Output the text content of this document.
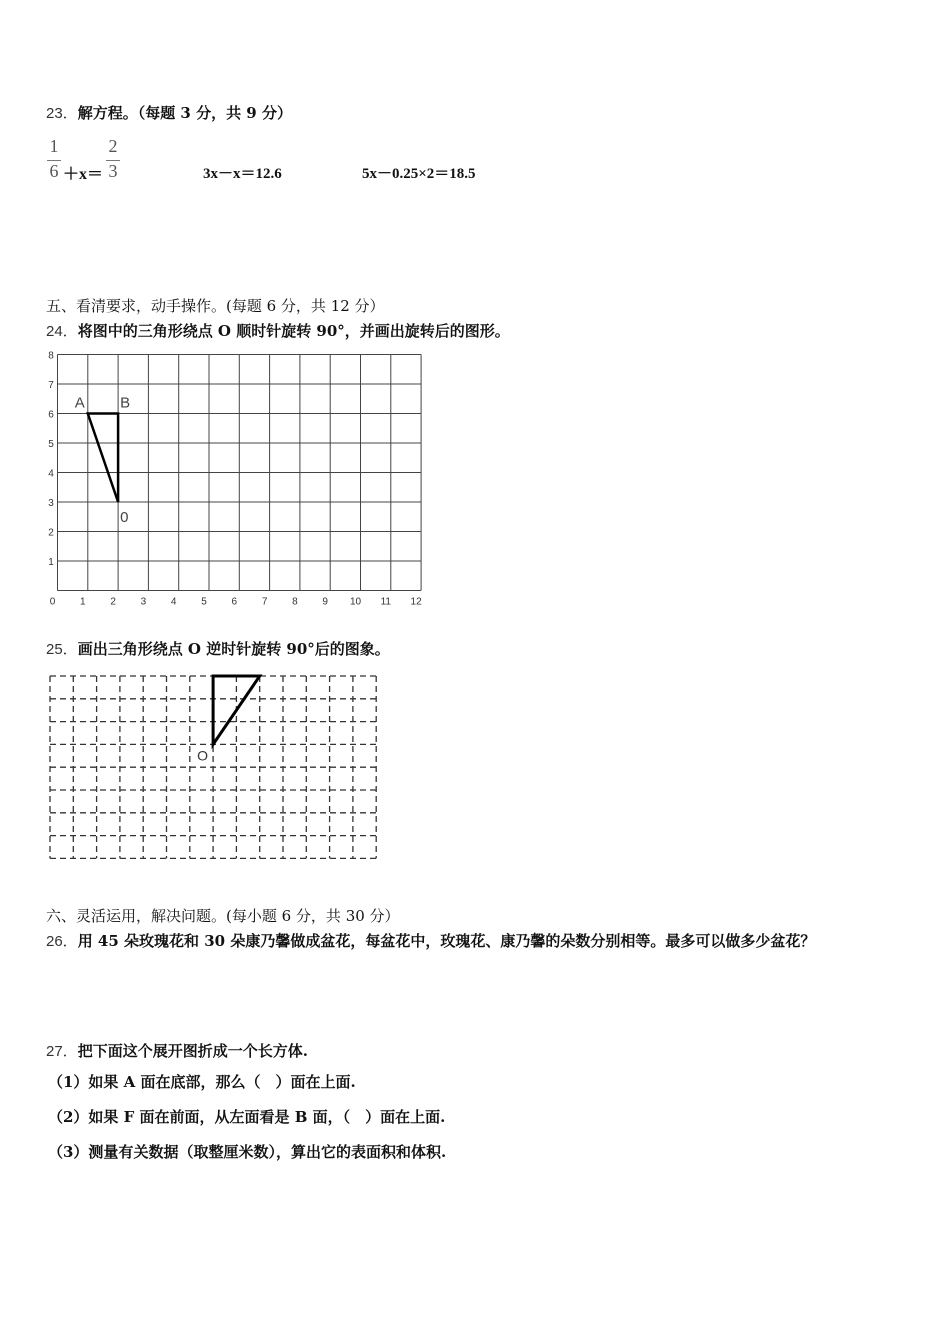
23．解方程。（每题 3 分，共 9 分）
1
6 ＋x＝
2
3	3x－x＝12.6	5x－0.25×2＝18.5
五、看清要求，动手操作。(每题 6 分，共 12 分）
24．将图中的三角形绕点 O 顺时针旋转 90°，并画出旋转后的图形。
0 1 2 3 4 5 6 7 8 9 10 11 12
1
2
3
4
5
6
7
8
A B
0
25．画出三角形绕点 O 逆时针旋转 90°后的图象。
O
六、灵活运用，解决问题。(每小题 6 分，共 30 分）
26．用 45 朵玫瑰花和 30 朵康乃馨做成盆花，每盆花中，玫瑰花、康乃馨的朵数分别相等。最多可以做多少盆花？
27．把下面这个展开图折成一个长方体.
（1）如果 A 面在底部，那么（　）面在上面.
（2）如果 F 面在前面，从左面看是 B 面，（　）面在上面.
（3）测量有关数据（取整厘米数），算出它的表面积和体积.
